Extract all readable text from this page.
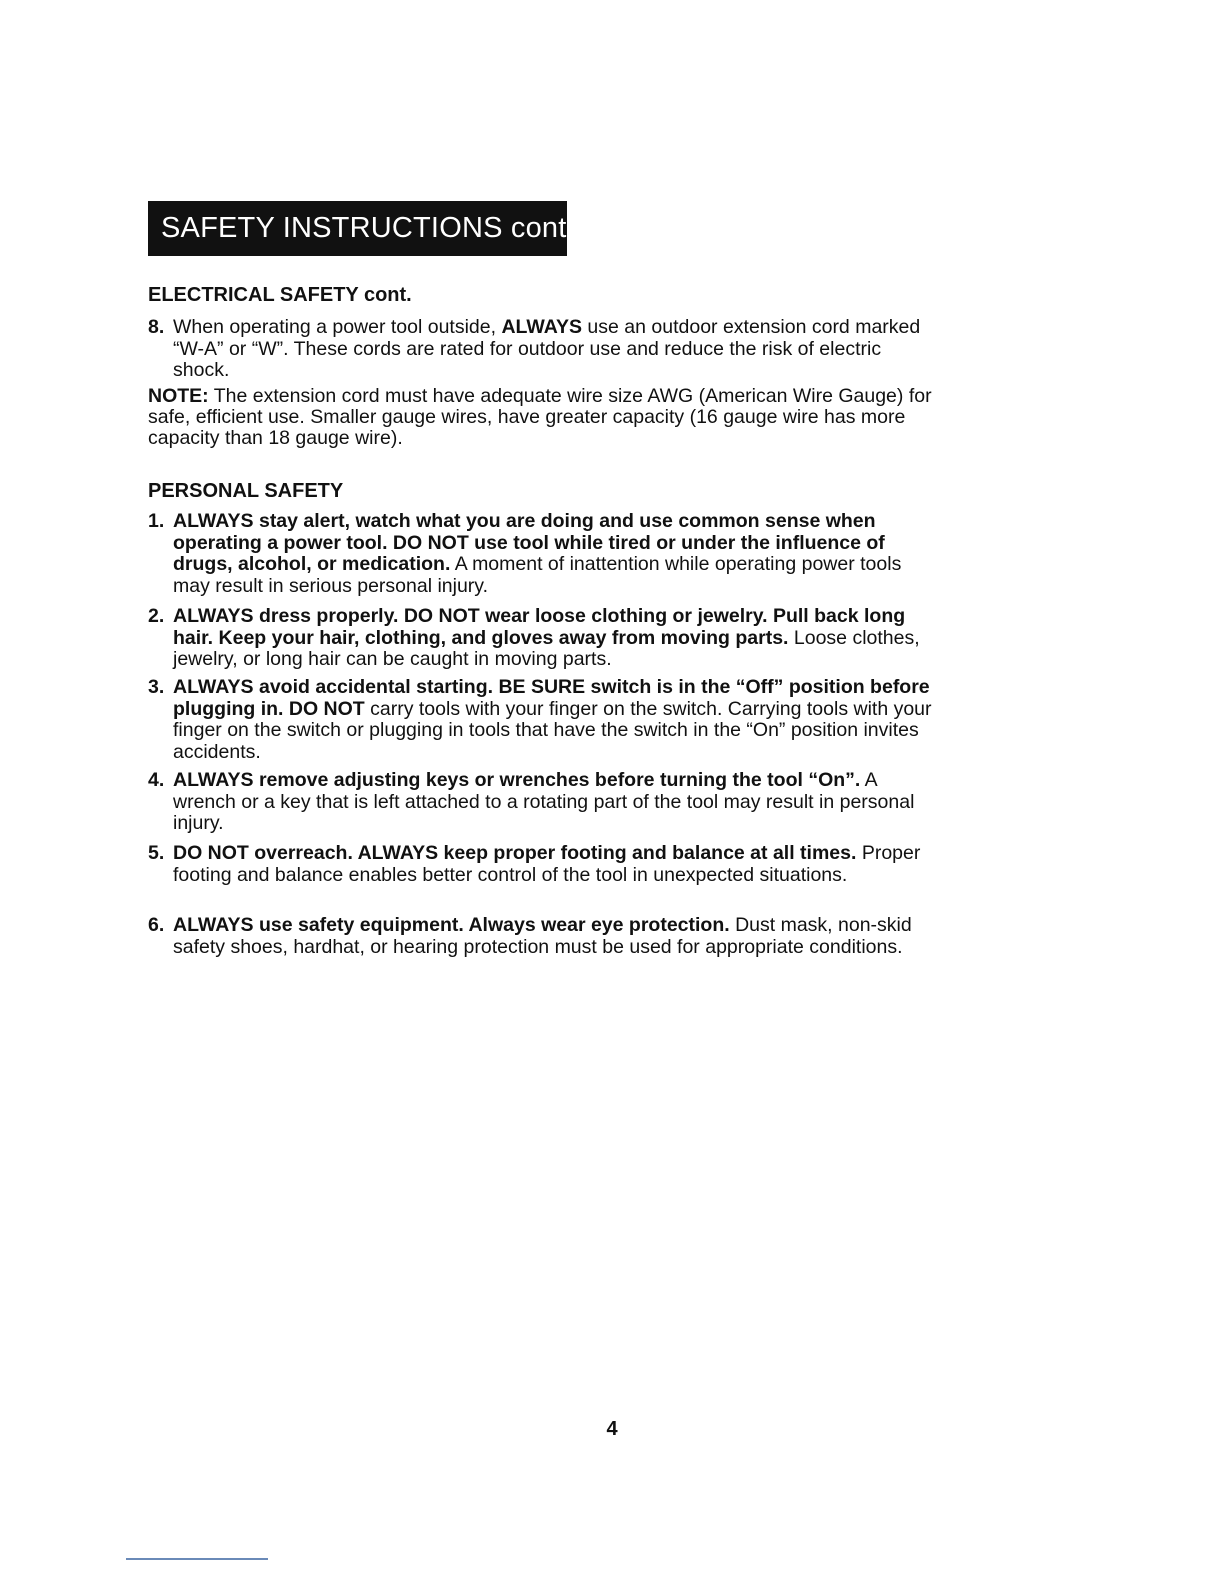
SAFETY INSTRUCTIONS cont.
ELECTRICAL SAFETY cont.
8. When operating a power tool outside, ALWAYS use an outdoor extension cord marked “W-A” or “W”. These cords are rated for outdoor use and reduce the risk of electric shock.
NOTE: The extension cord must have adequate wire size AWG (American Wire Gauge) for safe, efficient use. Smaller gauge wires, have greater capacity (16 gauge wire has more capacity than 18 gauge wire).
PERSONAL SAFETY
1. ALWAYS stay alert, watch what you are doing and use common sense when operating a power tool. DO NOT use tool while tired or under the influence of drugs, alcohol, or medication. A moment of inattention while operating power tools may result in serious personal injury.
2. ALWAYS dress properly. DO NOT wear loose clothing or jewelry. Pull back long hair. Keep your hair, clothing, and gloves away from moving parts. Loose clothes, jewelry, or long hair can be caught in moving parts.
3. ALWAYS avoid accidental starting. BE SURE switch is in the “Off” position before plugging in. DO NOT carry tools with your finger on the switch. Carrying tools with your finger on the switch or plugging in tools that have the switch in the “On” position invites accidents.
4. ALWAYS remove adjusting keys or wrenches before turning the tool “On”. A wrench or a key that is left attached to a rotating part of the tool may result in personal injury.
5. DO NOT overreach. ALWAYS keep proper footing and balance at all times. Proper footing and balance enables better control of the tool in unexpected situations.
6. ALWAYS use safety equipment. Always wear eye protection. Dust mask, non-skid safety shoes, hardhat, or hearing protection must be used for appropriate conditions.
4
